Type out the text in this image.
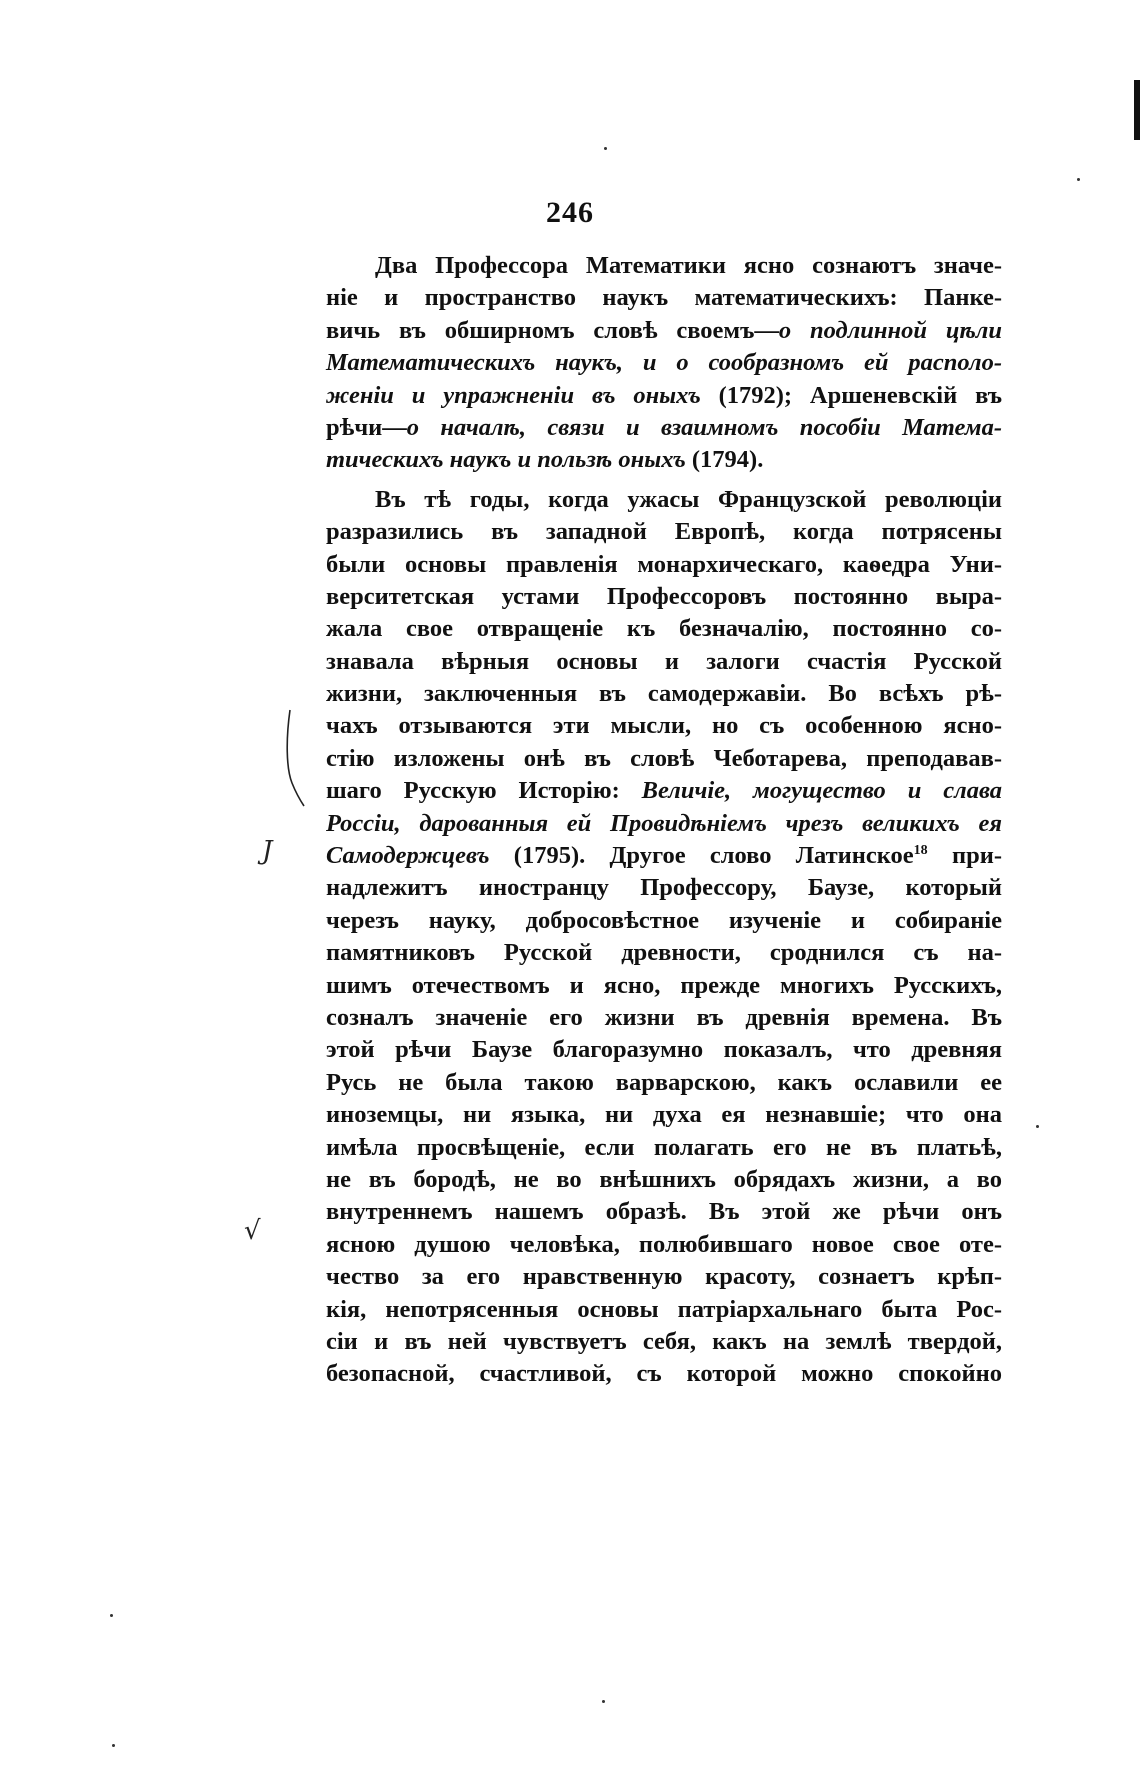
246
  Два Профессора Математики ясно сознаютъ значе-
ніе и пространство наукъ математическихъ: Панке-
вичь въ обширномъ словѣ своемъ—о подлинной цѣли
Математическихъ наукъ, и о сообразномъ ей располо-
женіи и упражненіи въ оныхъ (1792); Аршеневскій въ
рѣчи—о началѣ, связи и взаимномъ пособіи Матема-
тическихъ наукъ и пользѣ оныхъ (1794).
  Въ тѣ годы, когда ужасы Французской революціи
разразились въ западной Европѣ, когда потрясены
были основы правленія монархическаго, каѳедра Уни-
верситетская устами Профессоровъ постоянно выра-
жала свое отвращеніе къ безначалію, постоянно со-
знавала вѣрныя основы и залоги счастія Русской
жизни, заключенныя въ самодержавіи. Во всѣхъ рѣ-
чахъ отзываются эти мысли, но съ особенною ясно-
стію изложены онѣ въ словѣ Чеботарева, преподавав-
шаго Русскую Исторію: Величіе, могущество и слава
Россіи, дарованныя ей Провидѣніемъ чрезъ великихъ ея
Самодержцевъ (1795). Другое слово Латинское$^{18}$ при-
надлежитъ иностранцу Профессору, Баузе, который
черезъ науку, добросовѣстное изученіе и собираніе
памятниковъ Русской древности, сроднился съ на-
шимъ отечествомъ и ясно, прежде многихъ Русскихъ,
созналъ значеніе его жизни въ древнія времена. Въ
этой рѣчи Баузе благоразумно показалъ, что древняя
Русь не была такою варварскою, какъ ославили ее
иноземцы, ни языка, ни духа ея незнавшіе; что она
имѣла просвѣщеніе, если полагать его не въ платьѣ,
не въ бородѣ, не во внѣшнихъ обрядахъ жизни, а во
внутреннемъ нашемъ образѣ. Въ этой же рѣчи онъ
ясною душою человѣка, полюбившаго новое свое оте-
чество за его нравственную красоту, сознаетъ крѣп-
кія, непотрясенныя основы патріархальнаго быта Рос-
сіи и въ ней чувствуетъ себя, какъ на землѣ твердой,
безопасной, счастливой, съ которой можно спокойно
J
√
